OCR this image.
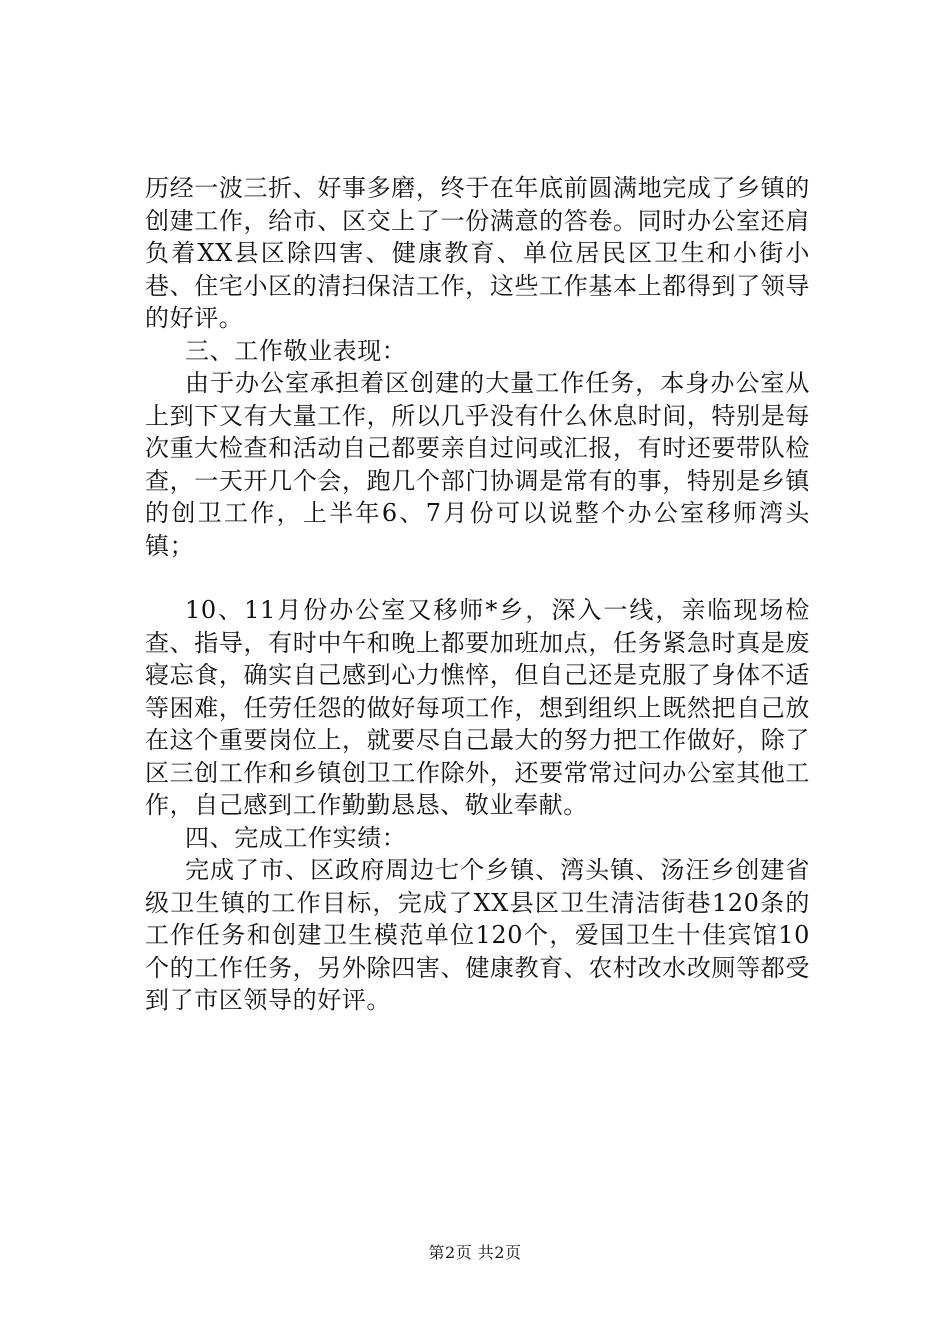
历经一波三折、好事多磨，终于在年底前圆满地完成了乡镇的创建工作，给市、区交上了一份满意的答卷。同时办公室还肩负着XX县区除四害、健康教育、单位居民区卫生和小街小巷、住宅小区的清扫保洁工作，这些工作基本上都得到了领导的好评。

三、工作敬业表现：

由于办公室承担着区创建的大量工作任务，本身办公室从上到下又有大量工作，所以几乎没有什么休息时间，特别是每次重大检查和活动自己都要亲自过问或汇报，有时还要带队检查，一天开几个会，跑几个部门协调是常有的事，特别是乡镇的创卫工作，上半年6、7月份可以说整个办公室移师湾头镇；

10、11月份办公室又移师*乡，深入一线，亲临现场检查、指导，有时中午和晚上都要加班加点，任务紧急时真是废寝忘食，确实自己感到心力憔悴，但自己还是克服了身体不适等困难，任劳任怨的做好每项工作，想到组织上既然把自己放在这个重要岗位上，就要尽自己最大的努力把工作做好，除了区三创工作和乡镇创卫工作除外，还要常常过问办公室其他工作，自己感到工作勤勤恳恳、敬业奉献。

四、完成工作实绩：

完成了市、区政府周边七个乡镇、湾头镇、汤汪乡创建省级卫生镇的工作目标，完成了XX县区卫生清洁街巷120条的工作任务和创建卫生模范单位120个，爱国卫生十佳宾馆10个的工作任务，另外除四害、健康教育、农村改水改厕等都受到了市区领导的好评。

第2页 共2页
